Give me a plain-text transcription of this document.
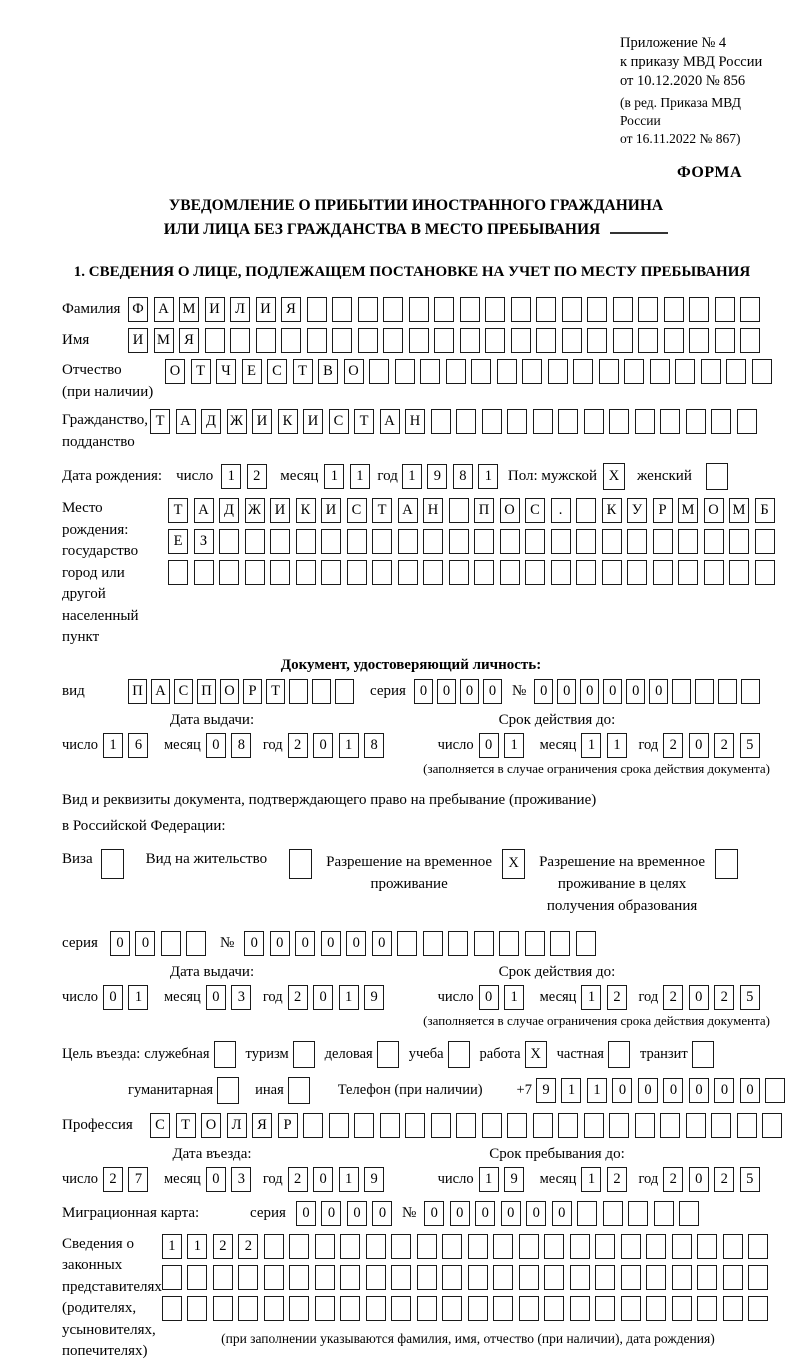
Приложение № 4
к приказу МВД России
от 10.12.2020 № 856
(в ред. Приказа МВД России
от 16.11.2022 № 867)
ФОРМА
УВЕДОМЛЕНИЕ О ПРИБЫТИИ ИНОСТРАННОГО ГРАЖДАНИНА
ИЛИ ЛИЦА БЕЗ ГРАЖДАНСТВА В МЕСТО ПРЕБЫВАНИЯ
1. СВЕДЕНИЯ О ЛИЦЕ, ПОДЛЕЖАЩЕМ ПОСТАНОВКЕ НА УЧЕТ ПО МЕСТУ ПРЕБЫВАНИЯ
Фамилия Ф	А М И	Л	И	Я
Имя	И М Я
Отчество
(при наличии)
О	Т	Ч	Е	С	Т	В	О
Гражданство,
подданство
Т	А	Д Ж И	К	И	С	Т	А	Н
Дата рождения: число 1	2	месяц 1	1 год 1	9	8	1	Пол: мужской X	женский
Место рождения:
государство
город или другой
населенный пункт
Т	А	Д Ж И	К	И	С	Т	А	Н	П	О	С	.	К	У	Р	М О М	Б
Е	З
Документ, удостоверяющий личность:
вид	П А С П О Р	Т	серия 0	0	0	0	№ 0	0	0	0	0	0
Дата выдачи:	Срок действия до:
число 1	6	месяц 0	8	год 2	0	1	8	число 0	1	месяц 1	1	год 2	0	2	5
(заполняется в случае ограничения срока действия документа)
Вид и реквизиты документа, подтверждающего право на пребывание (проживание)
в Российской Федерации:
Виза	Вид на жительство	Разрешение на временное
проживание
X	Разрешение на временное
проживание в целях
получения образования
серия	0	0	№	0	0	0	0	0	0
Дата выдачи:	Срок действия до:
число 0	1	месяц 0	3	год 2	0	1	9	число 0	1	месяц 1	2	год 2	0	2	5
(заполняется в случае ограничения срока действия документа)
Цель въезда: служебная туризм деловая учеба работа X	частная транзит
гуманитарная	иная	Телефон (при наличии) +7 9	1	1	0	0	0	0	0	0
Профессия	С	Т	О	Л	Я	Р
Дата въезда:	Срок пребывания до:
число 2	7	месяц 0	3	год 2	0	1	9	число 1	9	месяц 1	2	год 2	0	2	5
Миграционная карта:	серия	0	0	0	0	№ 0	0	0	0	0	0
Сведения о
законных
представителях
(родителях,
усыновителях,
попечителях)
1	1	2	2
(при заполнении указываются фамилия, имя, отчество (при наличии), дата рождения)
